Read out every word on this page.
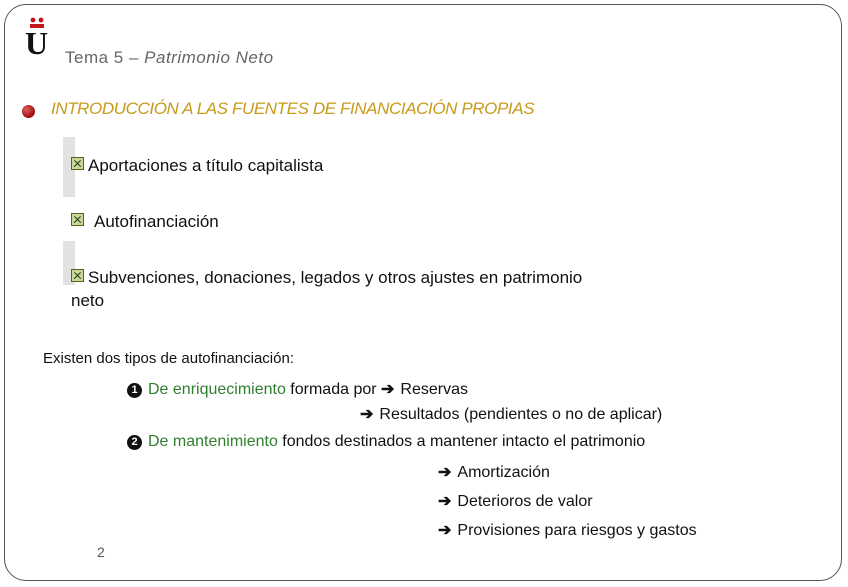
U Tema 5 – Patrimonio Neto
INTRODUCCIÓN A LAS FUENTES DE FINANCIACIÓN PROPIAS
Aportaciones a título capitalista
Autofinanciación
Subvenciones, donaciones, legados y otros ajustes en patrimonio
neto
Existen dos tipos de autofinanciación:
1 De enriquecimiento formada por ➔ Reservas
➔ Resultados (pendientes o no de aplicar)
2 De mantenimiento fondos destinados a mantener intacto el patrimonio
➔ Amortización
➔ Deterioros de valor
➔ Provisiones para riesgos y gastos
2
